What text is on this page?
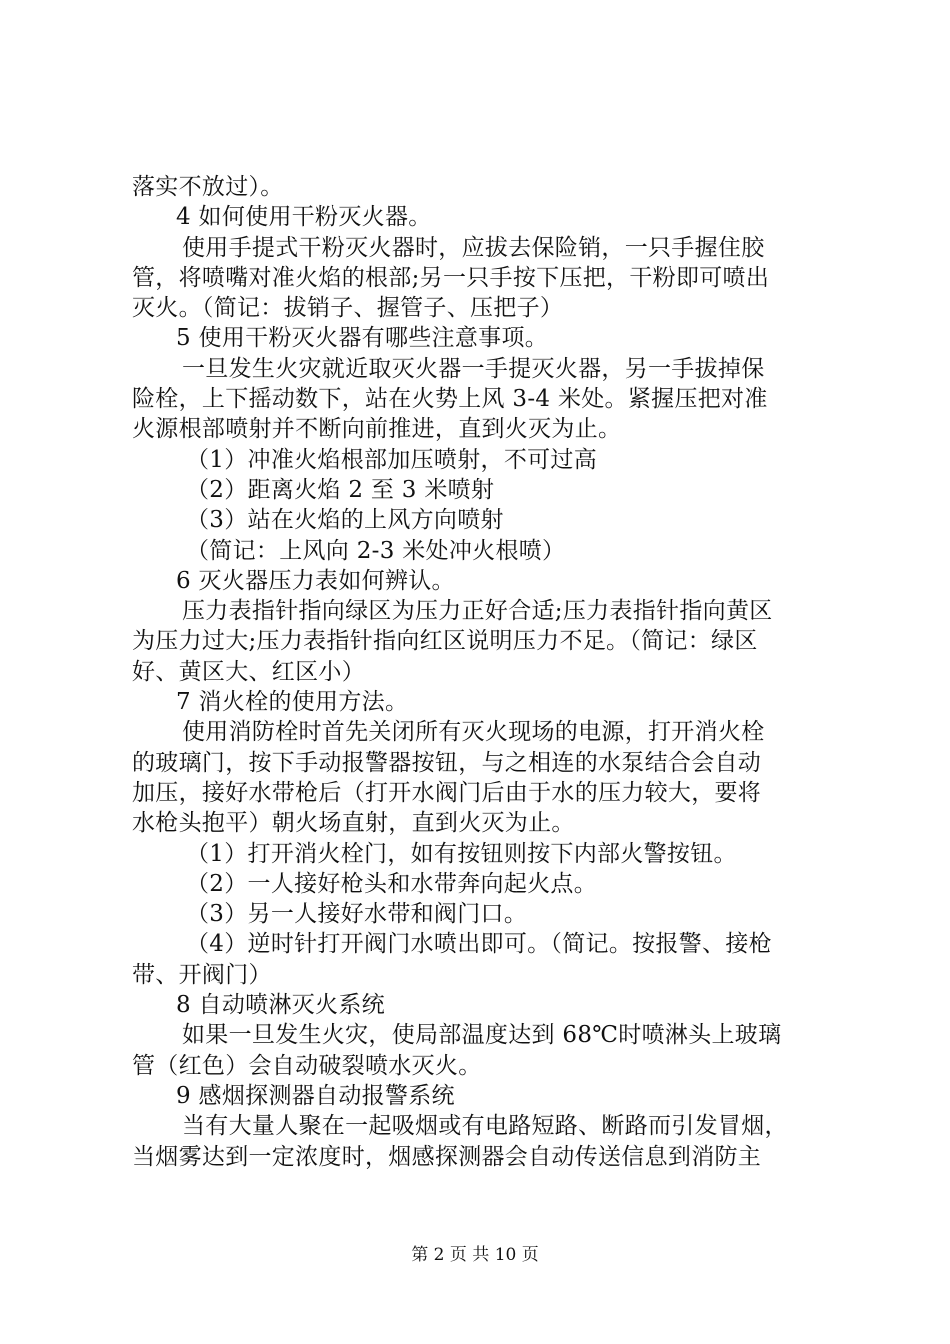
落实不放过）。
4 如何使用干粉灭火器。
使用手提式干粉灭火器时，应拔去保险销，一只手握住胶
管，将喷嘴对准火焰的根部;另一只手按下压把，干粉即可喷出
灭火。（简记：拔销子、握管子、压把子）
5 使用干粉灭火器有哪些注意事项。
一旦发生火灾就近取灭火器一手提灭火器，另一手拔掉保
险栓，上下摇动数下，站在火势上风 3-4 米处。紧握压把对准
火源根部喷射并不断向前推进，直到火灭为止。
（1）冲准火焰根部加压喷射，不可过高
（2）距离火焰 2 至 3 米喷射
（3）站在火焰的上风方向喷射
（简记：上风向 2-3 米处冲火根喷）
6 灭火器压力表如何辨认。
压力表指针指向绿区为压力正好合适;压力表指针指向黄区
为压力过大;压力表指针指向红区说明压力不足。（简记：绿区
好、黄区大、红区小）
7 消火栓的使用方法。
使用消防栓时首先关闭所有灭火现场的电源，打开消火栓
的玻璃门，按下手动报警器按钮，与之相连的水泵结合会自动
加压，接好水带枪后（打开水阀门后由于水的压力较大，要将
水枪头抱平）朝火场直射，直到火灭为止。
（1）打开消火栓门，如有按钮则按下内部火警按钮。
（2）一人接好枪头和水带奔向起火点。
（3）另一人接好水带和阀门口。
（4）逆时针打开阀门水喷出即可。（简记。按报警、接枪
带、开阀门）
8 自动喷淋灭火系统
如果一旦发生火灾，使局部温度达到 68℃时喷淋头上玻璃
管（红色）会自动破裂喷水灭火。
9 感烟探测器自动报警系统
当有大量人聚在一起吸烟或有电路短路、断路而引发冒烟，
当烟雾达到一定浓度时，烟感探测器会自动传送信息到消防主
第 2 页 共 10 页
